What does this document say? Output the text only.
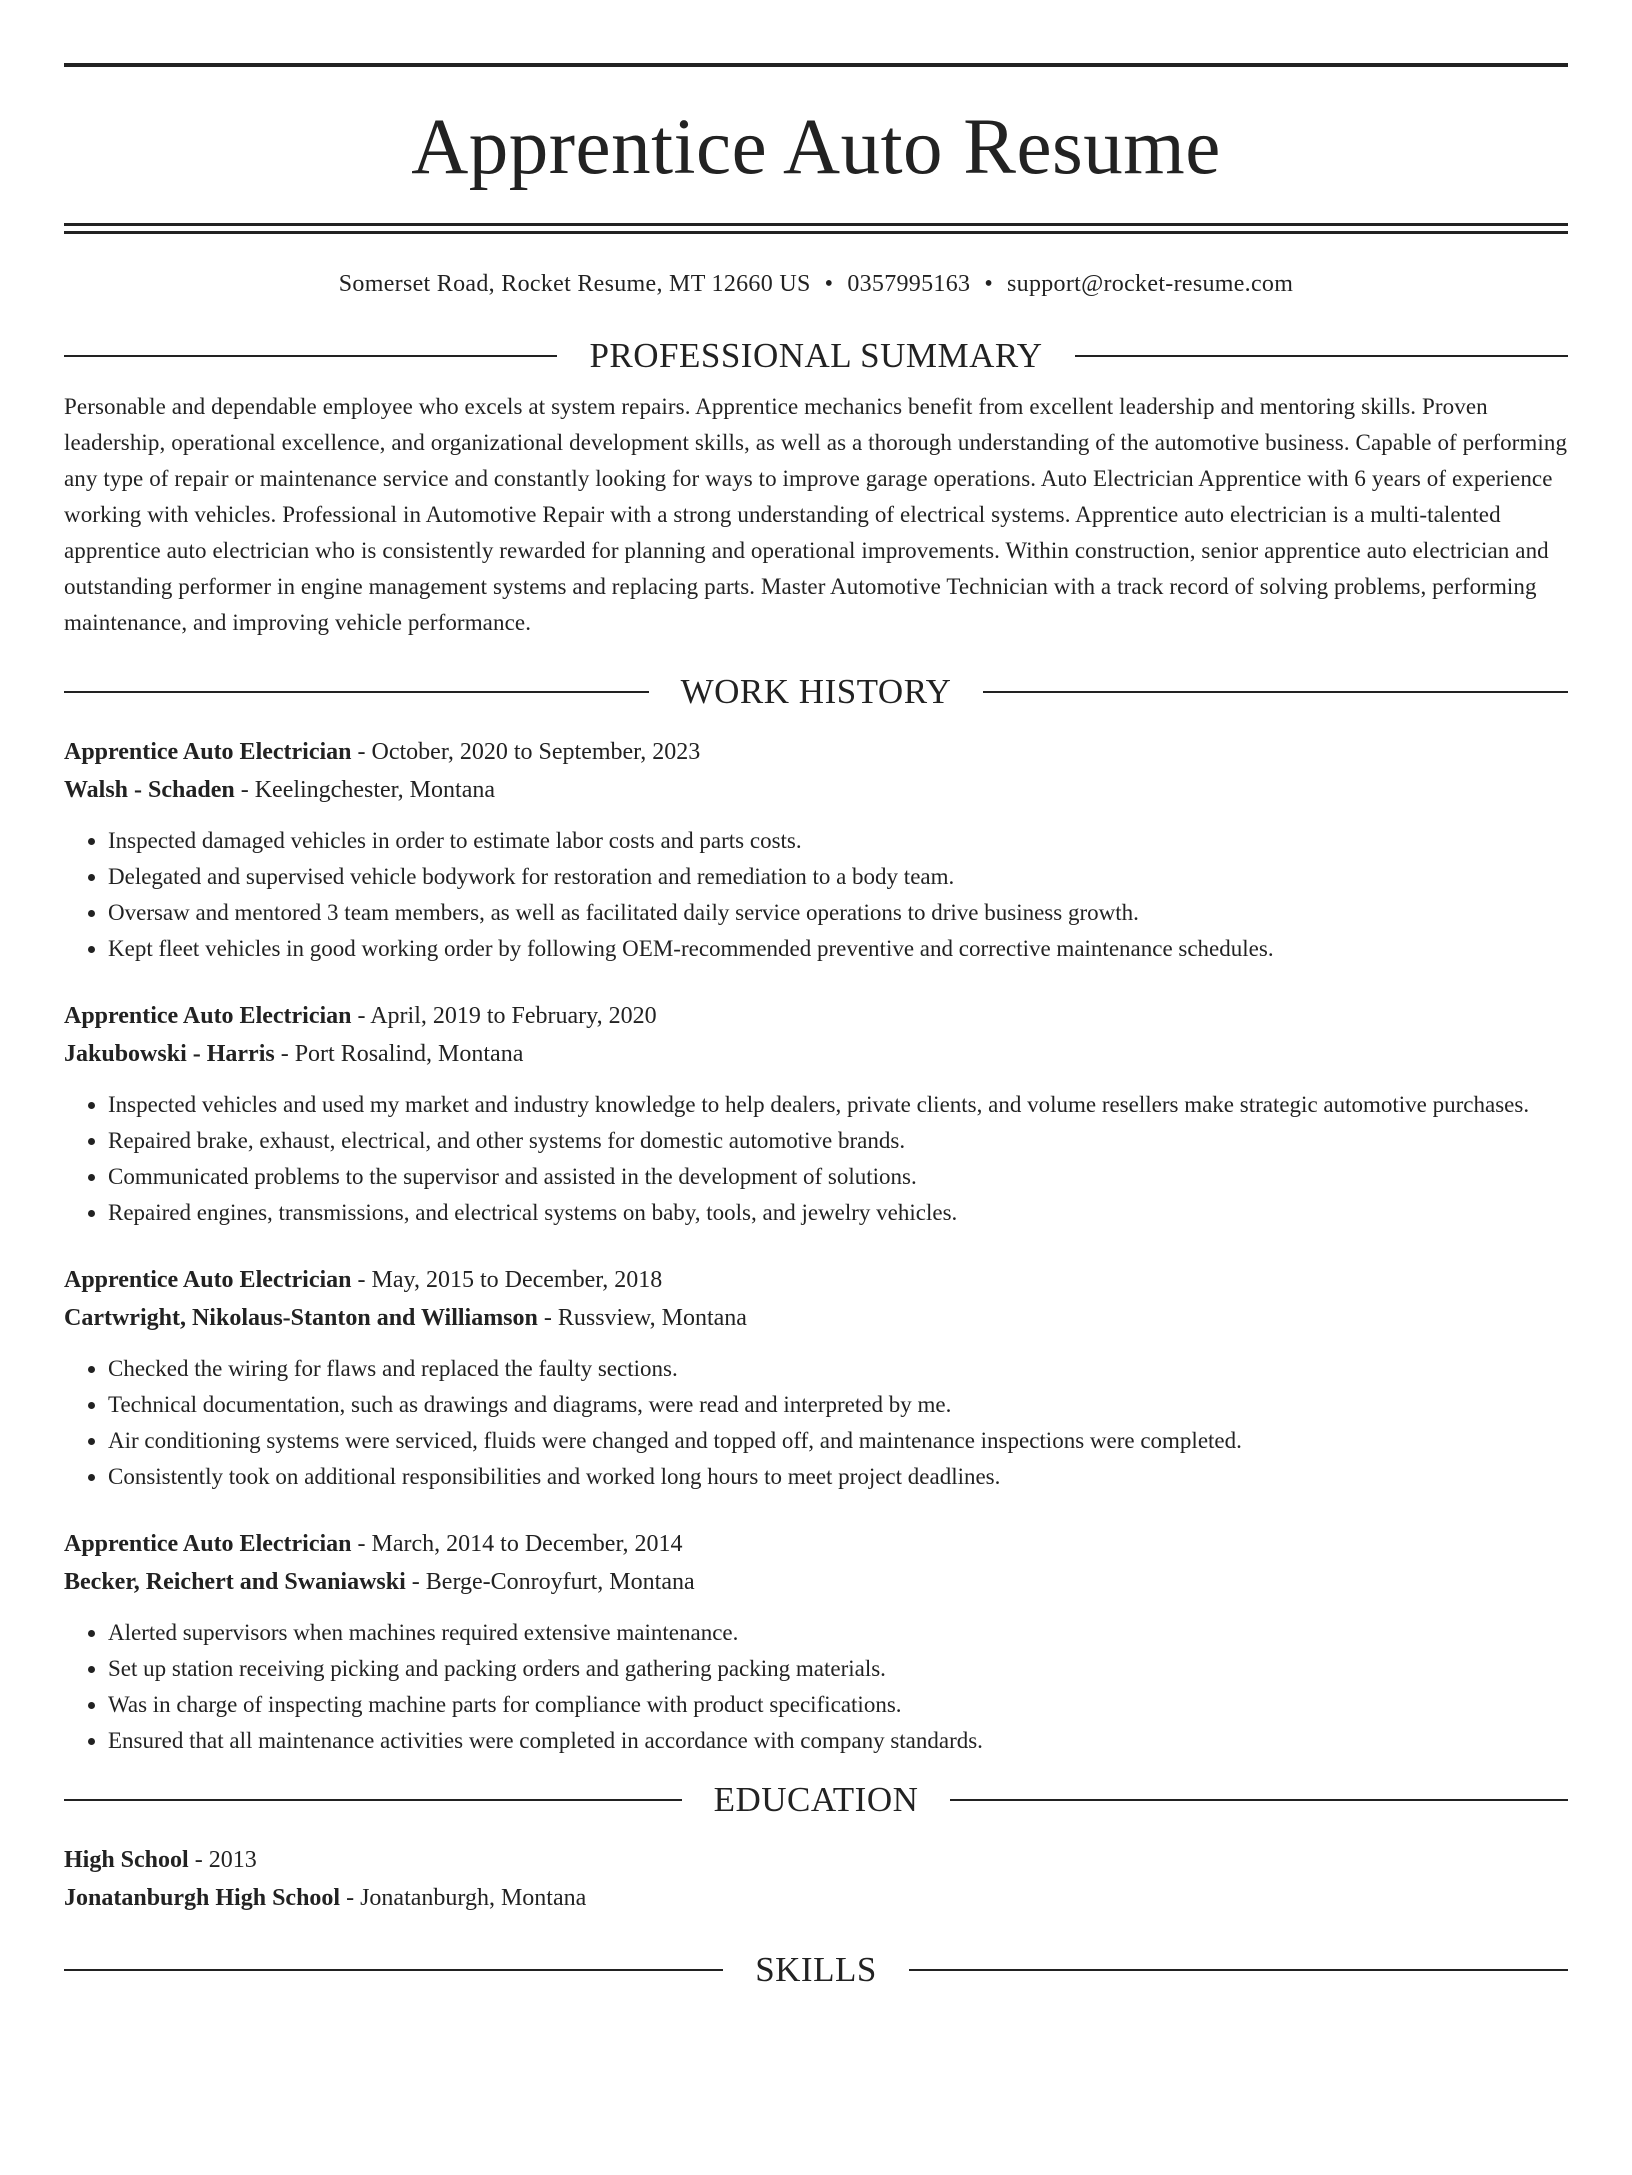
Apprentice Auto Resume
Somerset Road, Rocket Resume, MT 12660 US • 0357995163 • support@rocket-resume.com
PROFESSIONAL SUMMARY

Personable and dependable employee who excels at system repairs. Apprentice mechanics benefit from excellent leadership and mentoring skills. Proven leadership, operational excellence, and organizational development skills, as well as a thorough understanding of the automotive business. Capable of performing any type of repair or maintenance service and constantly looking for ways to improve garage operations. Auto Electrician Apprentice with 6 years of experience working with vehicles. Professional in Automotive Repair with a strong understanding of electrical systems. Apprentice auto electrician is a multi-talented apprentice auto electrician who is consistently rewarded for planning and operational improvements. Within construction, senior apprentice auto electrician and outstanding performer in engine management systems and replacing parts. Master Automotive Technician with a track record of solving problems, performing maintenance, and improving vehicle performance.

WORK HISTORY

Apprentice Auto Electrician - October, 2020 to September, 2023

Walsh - Schaden - Keelingchester, Montana

• Inspected damaged vehicles in order to estimate labor costs and parts costs.
• Delegated and supervised vehicle bodywork for restoration and remediation to a body team.
• Oversaw and mentored 3 team members, as well as facilitated daily service operations to drive business growth.
• Kept fleet vehicles in good working order by following OEM-recommended preventive and corrective maintenance schedules.

Apprentice Auto Electrician - April, 2019 to February, 2020

Jakubowski - Harris - Port Rosalind, Montana

• Inspected vehicles and used my market and industry knowledge to help dealers, private clients, and volume resellers make strategic automotive purchases.
• Repaired brake, exhaust, electrical, and other systems for domestic automotive brands.
• Communicated problems to the supervisor and assisted in the development of solutions.
• Repaired engines, transmissions, and electrical systems on baby, tools, and jewelry vehicles.

Apprentice Auto Electrician - May, 2015 to December, 2018

Cartwright, Nikolaus-Stanton and Williamson - Russview, Montana

• Checked the wiring for flaws and replaced the faulty sections.
• Technical documentation, such as drawings and diagrams, were read and interpreted by me.
• Air conditioning systems were serviced, fluids were changed and topped off, and maintenance inspections were completed.
• Consistently took on additional responsibilities and worked long hours to meet project deadlines.

Apprentice Auto Electrician - March, 2014 to December, 2014

Becker, Reichert and Swaniawski - Berge-Conroyfurt, Montana

• Alerted supervisors when machines required extensive maintenance.
• Set up station receiving picking and packing orders and gathering packing materials.
• Was in charge of inspecting machine parts for compliance with product specifications.
• Ensured that all maintenance activities were completed in accordance with company standards.
EDUCATION

High School - 2013

Jonatanburgh High School - Jonatanburgh, Montana

SKILLS
